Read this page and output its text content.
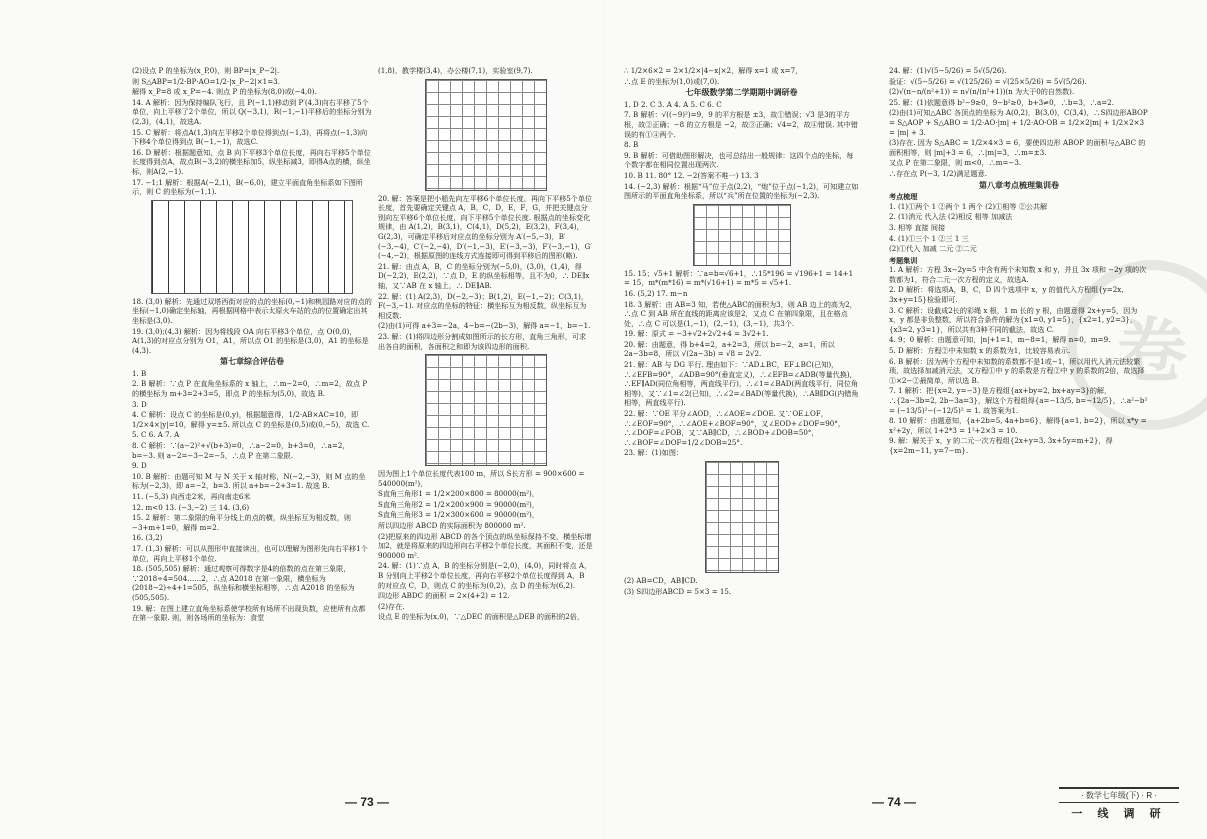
(2)设点 P 的坐标为(x_P,0)，则 BP=|x_P−2|.

则 S△ABP=1/2·BP·AO=1/2·|x_P−2|×1=3.

解得 x_P=8 或 x_P=−4. 则点 P 的坐标为(8,0)或(−4,0).

14. A 解析：因为保持编队飞行，且 P(−1,1)移动到 P′(4,3)向右平移了5个单位，向上平移了2个单位，所以 Q(−3,1)，R(−1,−1)平移后的坐标分别为(2,3)，(4,1)，故选A.

15. C 解析：将点A(1,3)向左平移2个单位得到点(−1,3)，再将点(−1,3)向下移4个单位得到点 B(−1,−1)，故选C.

16. D 解析：根据题意知，点 B 向下平移3个单位长度，再向右平移5个单位长度得到点A，故点B(−3,2)的横坐标加5，纵坐标减3，即得A点的横，纵坐标，则A(2,−1).

17. −1;1 解析：根据A(−2,1)，B(−6,0)，建立平面直角坐标系如下图所示，则 C 的坐标为(−1,1).

18. (3,0) 解析：先通过双塔西街对应的点的坐标(0,−1)和桃园路对应的点的坐标(−1,0)确定坐标轴，再根据网格中表示太原火车站的点的位置确定出其坐标是(3,0).

19. (3,0);(4,3) 解析：因为将线段 OA 向右平移3个单位，点 O(0,0)，A(1,3)的对应点分别为 O1，A1，所以点 O1 的坐标是(3,0)，A1 的坐标是(4,3).

第七章综合评估卷

1. B

2. B 解析：∵点 P 在直角坐标系的 x 轴上，∴m−2=0，∴m=2，故点 P 的横坐标为 m+3=2+3=5，即点 P 的坐标为(5,0)，故选 B.

3. D

4. C 解析：设点 C 的坐标是(0,y)，根据题意得，1/2·AB×AC=10，即 1/2×4×|y|=10，解得 y=±5. 所以点 C 的坐标是(0,5)或(0,−5)，故选 C.

5. C 6. A 7. A

8. C 解析：∵(a−2)²+√(b+3)=0，∴a−2=0，b+3=0，∴a=2，b=−3. 则 a−2=−3−2=−5，∴点 P 在第二象限.

9. D

10. B 解析：由题可知 M 与 N 关于 x 轴对称，N(−2,−3)，则 M 点的坐标为(−2,3)，即 a=−2，b=3. 所以 a+b=−2+3=1. 故选 B.

11. (−5,3) 向西走2米，再向南走6米

12. m<0 13. (−3,−2) 三 14. (3,6)

15. 2 解析：第二象限的角平分线上的点的横，纵坐标互为相反数，则 −3+m+1=0，解得 m=2.

16. (3,2)

17. (1,3) 解析：可以从图形中直接读出，也可以理解为图形先向右平移1个单位，再向上平移1个单位.

18. (505,505) 解析：通过观察可得数字是4的倍数的点在第三象限，∵2018÷4=504……2，∴点 A2018 在第一象限，横坐标为(2018−2)÷4+1=505，纵坐标和横坐标相等，∴点 A2018 的坐标为(505,505).

19. 解：在图上建立直角坐标系使学校所有场所不出现负数，应使所有点都在第一象限. 则，则各场所的坐标为：食堂

(1,8)，教学楼(3,4)，办公楼(7,1)，实验室(9,7).

20. 解：答案是把小船先向左平移6个单位长度，再向下平移5个单位长度，首先要确定关键点 A，B，C，D，E，F，G，并把关键点分别向左平移6个单位长度，向下平移5个单位长度. 根据点的坐标变化规律，由 A(1,2)，B(3,1)，C(4,1)，D(5,2)，E(3,2)，F(3,4)，G(2,3)，可确定平移后对应点的坐标分别为 A′(−5,−3)，B′(−3,−4)，C′(−2,−4)，D′(−1,−3)，E′(−3,−3)，F′(−3,−1)，G′(−4,−2)，根据原图的连线方式连接即可得到平移后的图形(略).

21. 解：由点 A，B，C 的坐标分别为(−5,0)，(3,0)，(1,4)，得 D(−2,2)，E(2,2)，∵点 D，E 的纵坐标相等，且不为0，∴ DE∥x 轴，又∵AB 在 x 轴上，∴ DE∥AB.

22. 解：(1) A(2,3)，D(−2,−3)；B(1,2)，E(−1,−2)；C(3,1)，F(−3,−1). 对应点的坐标的特征：横坐标互为相反数，纵坐标互为相反数.

(2)由(1)可得 a+3=−2a，4−b=−(2b−3)，解得 a=−1，b=−1.

23. 解：(1)将四边形分割成如图所示的长方形，直角三角形，可求出各自的面积，各面积之和即为该四边形的面积.

因为图上1个单位长度代表100 m，所以 S长方形 = 900×600 = 540000(m²)，

S直角三角形1 = 1/2×200×800 = 80000(m²)，

S直角三角形2 = 1/2×200×900 = 90000(m²)，

S直角三角形3 = 1/2×300×600 = 90000(m²)，

所以四边形 ABCD 的实际面积为 800000 m².

(2)把原来的四边形 ABCD 的各个顶点的纵坐标保持不变，横坐标增加2，就是将原来的四边形向右平移2个单位长度，其面积不变，还是 900000 m².

24. 解：(1)∵点 A，B 的坐标分别是(−2,0)，(4,0)，同时将点 A，B 分别向上平移2个单位长度，再向右平移2个单位长度得到 A，B 的对应点 C，D，则点 C 的坐标为(0,2)，点 D 的坐标为(6,2).

四边形 ABDC 的面积 = 2×(4+2) = 12.

(2)存在.

设点 E 的坐标为(x,0)，∵△DEC 的面积是△DEB 的面积的2倍，

— 73 —

∴ 1/2×6×2 = 2×1/2×|4−x|×2，解得 x=1 或 x=7，

∴点 E 的坐标为(1,0)或(7,0).

七年级数学第二学期期中调研卷

1. D 2. C 3. A 4. A 5. C 6. C

7. B 解析：√((−9)²)=9，9 的平方根是 ±3，故①错误；√3 是3的平方根，故②正确；−8 的立方根是 −2，故③正确；√4=2，故④错误. 其中错误的有①④两个.

8. B

9. B 解析：可借助图形解决，也可总结出一般规律：这四个点的坐标，每个数字都在相同位置出现两次.

10. B 11. 80° 12. −2(答案不唯一) 13. 3

14. (−2,3) 解析：根据“马”位于点(2,2)，“炮”位于点(−1,2)，可知建立如图所示的平面直角坐标系，所以“兵”所在位置的坐标为(−2,3).

15. 15；√5+1 解析：∵a=b=√6+1，∴15*196 = √196+1 = 14+1 = 15，m*(m*16) = m*(√16+1) = m*5 = √5+1.

16. (5,2) 17. m−n

18. 3 解析：由 AB=3 知，若使△ABC的面积为3，则 AB 边上的高为2，∴点 C 到 AB 所在直线的距离应该是2，又点 C 在第四象限，且在格点处，∴点 C 可以是(1,−1)，(2,−1)，(3,−1)，共3个.

19. 解：原式 = −3+√2+2√2+4 = 3√2+1.

20. 解：由题意，得 b+4=2，a+2=3，所以 b=−2，a=1，所以 2a−3b=8，所以 √(2a−3b) = √8 = 2√2.

21. 解：AB 与 DG 平行. 理由如下：∵AD⊥BC，EF⊥BC(已知)，∴∠EFB=90°，∠ADB=90°(垂直定义)，∴∠EFB=∠ADB(等量代换)，∴EF∥AD(同位角相等，两直线平行)，∴∠1=∠BAD(两直线平行，同位角相等)，又∵∠1=∠2(已知)，∴∠2=∠BAD(等量代换)，∴AB∥DG(内错角相等，两直线平行).

22. 解：∵OE 平分∠AOD，∴∠AOE=∠DOE. 又∵OE⊥OF，∴∠EOF=90°，∴∠AOE+∠BOF=90°，又∠EOD+∠DOF=90°，∴∠DOF=∠FOB，又∵AB∥CD，∴∠BOD+∠DOB=50°，∴∠BOF=∠DOF=1/2∠DOB=25°.

23. 解：(1)如图：

(2) AB=CD，AB∥CD.

(3) S四边形ABCD = 5×3 = 15.

24. 解：(1)√(5−5/26) = 5√(5/26).

验证：√(5−5/26) = √(125/26) = √(25×5/26) = 5√(5/26).

(2)√(n−n/(n²+1)) = n√(n/(n²+1))(n 为大于0的自然数).

25. 解：(1)依题意得 b²−9≥0，9−b²≥0，b+3≠0，∴b=3，∴a=2.

(2)由(1)可知△ABC 各顶点的坐标为 A(0,2)，B(3,0)，C(3,4)，∴S四边形ABOP = S△AOP + S△ABO = 1/2·AO·|m| + 1/2·AO·OB = 1/2×2|m| + 1/2×2×3 = |m| + 3.

(3)存在. 因为 S△ABC = 1/2×4×3 = 6，要使四边形 ABOP 的面积与△ABC 的面积相等，则 |m|+3 = 6，∴|m|=3，∴m=±3.

又点 P 在第二象限，则 m<0，∴m=−3.

∴存在点 P(−3, 1/2)满足题意.

第八章考点梳理集训卷

考点梳理

1. (1)①两个 1 ②两个 1 两个 (2)①相等 ②公共解

2. (1)消元 代入法 (2)相反 相等 加减法

3. 相等 直接 间接

4. (1)①三个 1 ②三 1 三

(2)①代入 加减 二元 ②二元

考题集训

1. A 解析：方程 3x−2y=5 中含有两个未知数 x 和 y，并且 3x 项和 −2y 项的次数都为1，符合二元一次方程的定义，故选A.

2. D 解析：将选项A，B，C，D 四个选项中 x，y 的值代入方程组{y=2x, 3x+y=15}检验即可.

3. C 解析：设截成2长的彩绳 x 根，1 m 长的 y 根，由题意得 2x+y=5，因为 x，y 都是非负整数，所以符合条件的解为{x1=0, y1=5}，{x2=1, y2=3}，{x3=2, y3=1}，所以共有3种不同的截法，故选 C.

4. 9；0 解析：由题意可知，|n|+1=1，m−8=1，解得 n=0，m=9.

5. D 解析：方程②中未知数 x 的系数为1，比较容易表示.

6. B 解析：因为两个方程中未知数的系数都不是1或−1，所以用代入消元法较繁琐，故选择加减消元法，又方程①中 y 的系数是方程②中 y 的系数的2倍，故选择①×2−②最简单，所以选 B.

7. 1 解析：把{x=2, y=−3}是方程组{ax+by=2, bx+ay=3}的解，∴{2a−3b=2, 2b−3a=3}，解这个方程组得{a=−13/5, b=−12/5}，∴a²−b² = (−13/5)²−(−12/5)² = 1. 故答案为1.

8. 10 解析：由题意知，{a+2b=5, 4a+b=6}，解得{a=1, b=2}，所以 x*y = x²+2y，所以 1+2*3 = 1²+2×3 = 10.

9. 解：解关于 x，y 的二元一次方程组{2x+y=3, 3x+5y=m+2}，得{x=2m−11, y=7−m}.

卷
— 74 —	· 数学七年级(下) · R ·
一 线 调 研
